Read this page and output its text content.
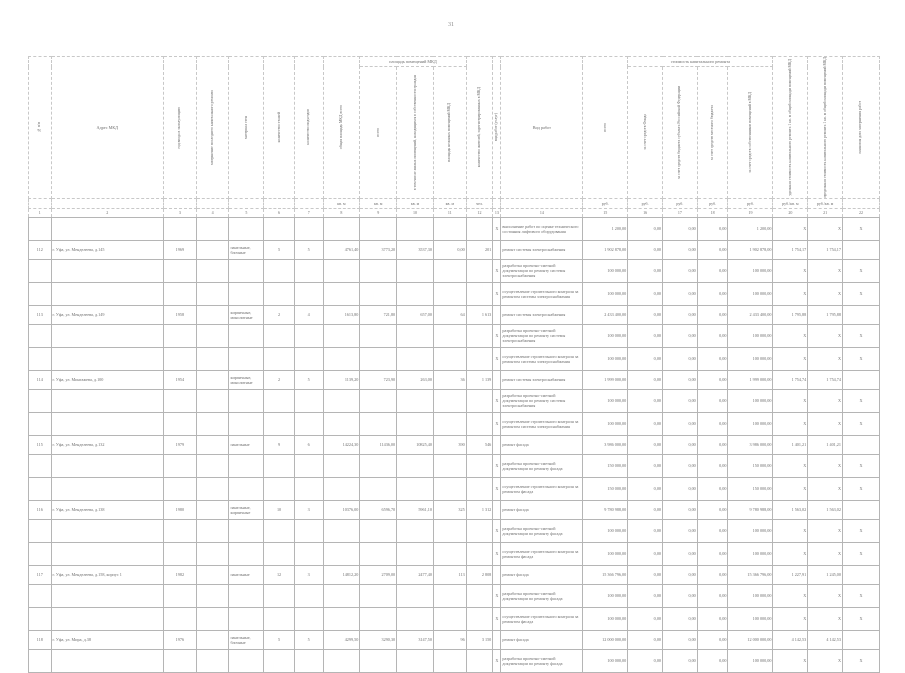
31
№ п/п	Адрес МКД	год ввода в эксплуатацию	завершение последнего капитального ремонта	материал стен	количество этажей	количество подъездов	общая площадь МКД всего	площадь помещений МКД			количество жителей, зарегистрированных в МКД	вид работ (услуг)	Вид работ	всего	стоимость капитального ремонта				удельная стоимость капитального ремонта 1 кв. м общей площади помещений МКД	предельная стоимость капитального ремонта 1 кв. м общей площади помещений МКД	плановая дата завершения работ

								всего	в том числе жилых помещений, находящихся в собственности граждан	площадь нежилых помещений МКД					за счет средств Фонда	за счет средств бюджета субъекта Российской Федерации	за счет средств местного бюджета	за счет средств собственников помещений в МКД			

							кв. м	кв. м	кв. м	кв. м	чел.			руб.	руб.	руб.	руб.	руб.	руб./кв. м	руб./кв. м	
1	2	3	4	5	6	7	8	9	10	11	12	13	14	15	16	17	18	19	20	21	22
												X	выполнение работ по оценке технического состояния лифтового оборудования	1 200,00	0,00	0,00	0,00	1 200,00	X	X	X
112	г. Уфа, ул. Менделеева, д.145	1969		панельные, блочные	5	5	4761,40	3773,20	3537,30	0,00	201		ремонт системы электроснабжения	1 902 878,00	0,00	0,00	0,00	1 902 878,00	1 754,17	1 754,17	
												X	разработка проектно-сметной документации по ремонту системы электроснабжения	100 000,00	0,00	0,00	0,00	100 000,00	X	X	X
												X	осуществление строительного контроля за ремонтом системы электроснабжения	100 000,00	0,00	0,00	0,00	100 000,00	X	X	X
113	г. Уфа, ул. Менделеева, д.149	1958		кирпичные, монолитные	2	4	1613,80	721,80	657,00	64	1 613		ремонт системы электроснабжения	2 433 400,00	0,00	0,00	0,00	2 433 400,00	1 795,88	1 795,88	
												X	разработка проектно-сметной документации по ремонту системы электроснабжения	100 000,00	0,00	0,00	0,00	100 000,00	X	X	X
												X	осуществление строительного контроля за ремонтом системы электроснабжения	100 000,00	0,00	0,00	0,00	100 000,00	X	X	X
114	г. Уфа, ул. Мингажева, д.100	1954		кирпичные, монолитные	2	5	1139,20	723,90	263,00	36	1 139		ремонт системы электроснабжения	1 999 000,00	0,00	0,00	0,00	1 999 000,00	1 754,74	1 754,74	
												X	разработка проектно-сметной документации по ремонту системы электроснабжения	100 000,00	0,00	0,00	0,00	100 000,00	X	X	X
												X	осуществление строительного контроля за ремонтом системы электроснабжения	100 000,00	0,00	0,00	0,00	100 000,00	X	X	X
115	г. Уфа, ул. Менделеева, д.132	1979		панельные	9	6	14224,30	11436,00	10825,40	390	546		ремонт фасада	3 986 000,00	0,00	0,00	0,00	3 986 000,00	1 401,21	1 401,21	
												X	разработка проектно-сметной документации по ремонту фасада	150 000,00	0,00	0,00	0,00	150 000,00	X	X	X
												X	осуществление строительного контроля за ремонтом фасада	150 000,00	0,00	0,00	0,00	150 000,00	X	X	X
116	г. Уфа, ул. Менделеева, д.138	1980		панельные, кирпичные	10	3	10376,00	6596,70	5961,10	325	1 312		ремонт фасада	9 780 988,00	0,00	0,00	0,00	9 780 988,00	1 563,02	1 563,02	
												X	разработка проектно-сметной документации по ремонту фасада	100 000,00	0,00	0,00	0,00	100 000,00	X	X	X
												X	осуществление строительного контроля за ремонтом фасада	100 000,00	0,00	0,00	0,00	100 000,00	X	X	X
117	г. Уфа, ул. Менделеева, д.158, корпус 1	1982		панельные	12	3	14812,20	2709,00	2477,40	113	2 808		ремонт фасада	15 366 796,00	0,00	0,00	0,00	15 366 796,00	1 227,91	1 245,00	
												X	разработка проектно-сметной документации по ремонту фасада	100 000,00	0,00	0,00	0,00	100 000,00	X	X	X
												X	осуществление строительного контроля за ремонтом фасада	100 000,00	0,00	0,00	0,00	100 000,00	X	X	X
118	г. Уфа, ул. Мира, д.38	1976		панельные, блочные	5	5	4299,50	3290,30	3147,50	96	3 150		ремонт фасада	12 000 000,00	0,00	0,00	0,00	12 000 000,00	4 142,53	4 142,53	
												X	разработка проектно-сметной документации по ремонту фасада	100 000,00	0,00	0,00	0,00	100 000,00	X	X	X
